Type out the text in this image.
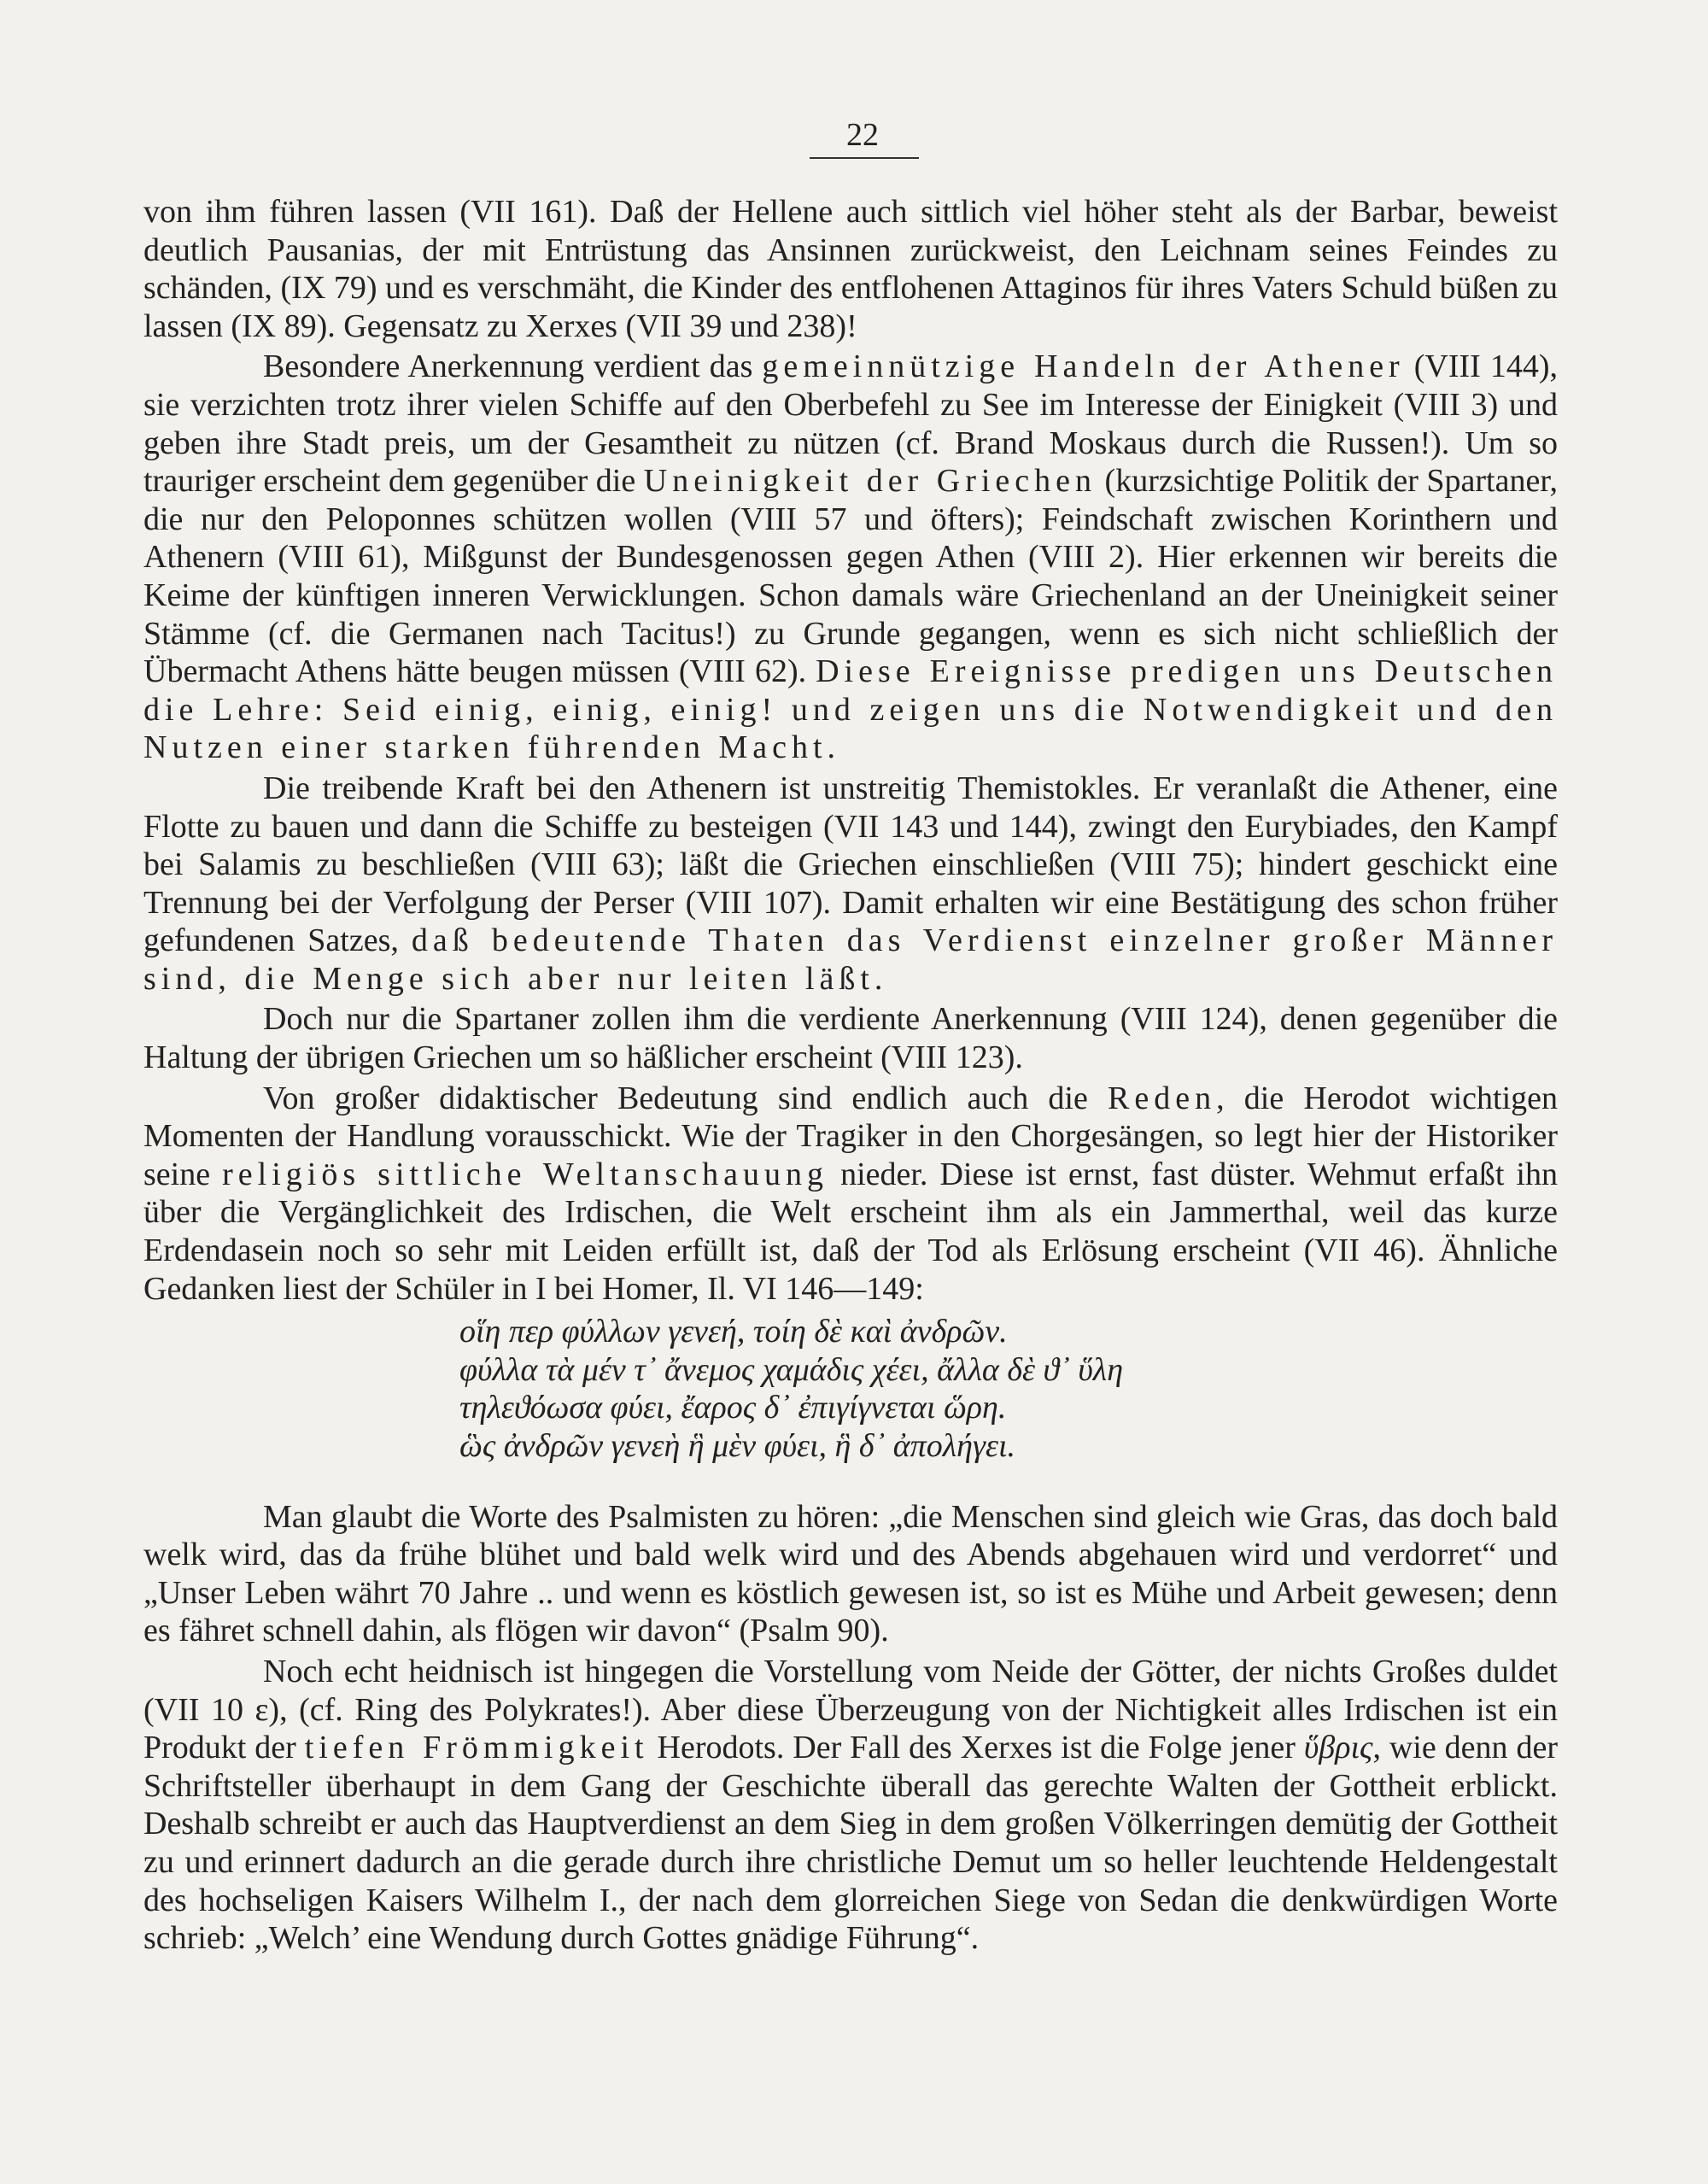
22

von ihm führen lassen (VII 161). Daß der Hellene auch sittlich viel höher steht als der Barbar, beweist deutlich Pausanias, der mit Entrüstung das Ansinnen zurückweist, den Leichnam seines Feindes zu schänden, (IX 79) und es verschmäht, die Kinder des entflohenen Attaginos für ihres Vaters Schuld büßen zu lassen (IX 89). Gegensatz zu Xerxes (VII 39 und 238)!

Besondere Anerkennung verdient das gemeinnützige Handeln der Athener (VIII 144), sie verzichten trotz ihrer vielen Schiffe auf den Oberbefehl zu See im Interesse der Einigkeit (VIII 3) und geben ihre Stadt preis, um der Gesamtheit zu nützen (cf. Brand Moskaus durch die Russen!). Um so trauriger erscheint dem gegenüber die Uneinigkeit der Griechen (kurzsichtige Politik der Spartaner, die nur den Peloponnes schützen wollen (VIII 57 und öfters); Feindschaft zwischen Korinthern und Athenern (VIII 61), Mißgunst der Bundesgenossen gegen Athen (VIII 2). Hier erkennen wir bereits die Keime der künftigen inneren Verwicklungen. Schon damals wäre Griechenland an der Uneinigkeit seiner Stämme (cf. die Germanen nach Tacitus!) zu Grunde gegangen, wenn es sich nicht schließlich der Übermacht Athens hätte beugen müssen (VIII 62). Diese Ereignisse predigen uns Deutschen die Lehre: Seid einig, einig, einig! und zeigen uns die Notwendigkeit und den Nutzen einer starken führenden Macht.

Die treibende Kraft bei den Athenern ist unstreitig Themistokles. Er veranlaßt die Athener, eine Flotte zu bauen und dann die Schiffe zu besteigen (VII 143 und 144), zwingt den Eurybiades, den Kampf bei Salamis zu beschließen (VIII 63); läßt die Griechen einschließen (VIII 75); hindert geschickt eine Trennung bei der Verfolgung der Perser (VIII 107). Damit erhalten wir eine Bestätigung des schon früher gefundenen Satzes, daß bedeutende Thaten das Verdienst einzelner großer Männer sind, die Menge sich aber nur leiten läßt.

Doch nur die Spartaner zollen ihm die verdiente Anerkennung (VIII 124), denen gegenüber die Haltung der übrigen Griechen um so häßlicher erscheint (VIII 123).

Von großer didaktischer Bedeutung sind endlich auch die Reden, die Herodot wichtigen Momenten der Handlung vorausschickt. Wie der Tragiker in den Chorgesängen, so legt hier der Historiker seine religiös sittliche Weltanschauung nieder. Diese ist ernst, fast düster. Wehmut erfaßt ihn über die Vergänglichkeit des Irdischen, die Welt erscheint ihm als ein Jammerthal, weil das kurze Erdendasein noch so sehr mit Leiden erfüllt ist, daß der Tod als Erlösung erscheint (VII 46). Ähnliche Gedanken liest der Schüler in I bei Homer, Il. VI 146—149:

οἵη περ φύλλων γενεή, τοίη δὲ καὶ ἀνδρῶν.
φύλλα τὰ μέν τ᾽ ἄνεμος χαμάδις χέει, ἄλλα δὲ ϑ᾽ ὕλη
τηλεϑόωσα φύει, ἔαρος δ᾽ ἐπιγίγνεται ὥρη.
ὣς ἀνδρῶν γενεὴ ἣ μὲν φύει, ἣ δ᾽ ἀπολήγει.

Man glaubt die Worte des Psalmisten zu hören: „die Menschen sind gleich wie Gras, das doch bald welk wird, das da frühe blühet und bald welk wird und des Abends abgehauen wird und verdorret“ und „Unser Leben währt 70 Jahre .. und wenn es köstlich gewesen ist, so ist es Mühe und Arbeit gewesen; denn es fähret schnell dahin, als flögen wir davon“ (Psalm 90).

Noch echt heidnisch ist hingegen die Vorstellung vom Neide der Götter, der nichts Großes duldet (VII 10 ε), (cf. Ring des Polykrates!). Aber diese Überzeugung von der Nichtigkeit alles Irdischen ist ein Produkt der tiefen Frömmigkeit Herodots. Der Fall des Xerxes ist die Folge jener ὕβρις, wie denn der Schriftsteller überhaupt in dem Gang der Geschichte überall das gerechte Walten der Gottheit erblickt. Deshalb schreibt er auch das Hauptverdienst an dem Sieg in dem großen Völkerringen demütig der Gottheit zu und erinnert dadurch an die gerade durch ihre christliche Demut um so heller leuchtende Heldengestalt des hochseligen Kaisers Wilhelm I., der nach dem glorreichen Siege von Sedan die denkwürdigen Worte schrieb: „Welch’ eine Wendung durch Gottes gnädige Führung“.
